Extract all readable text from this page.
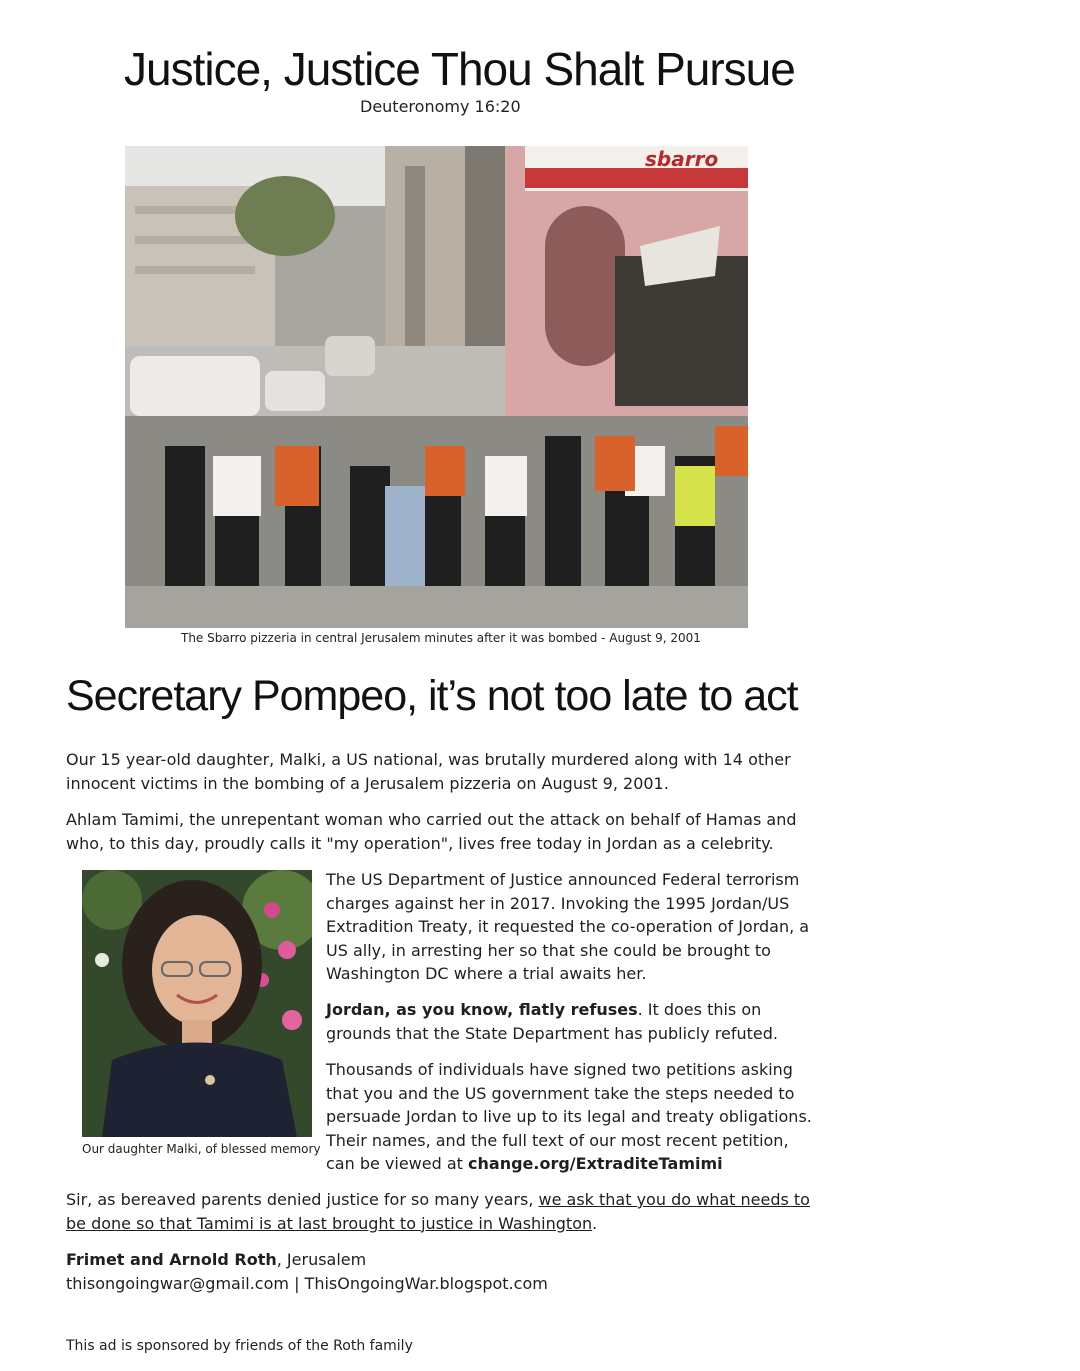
Justice, Justice Thou Shalt Pursue
Deuteronomy 16:20
sbarro
The Sbarro pizzeria in central Jerusalem minutes after it was bombed - August 9, 2001
Secretary Pompeo, it’s not too late to act
Our 15 year-old daughter, Malki, a US national, was brutally murdered along with 14 other innocent victims in the bombing of a Jerusalem pizzeria on August 9, 2001.
Ahlam Tamimi, the unrepentant woman who carried out the attack on behalf of Hamas and who, to this day, proudly calls it "my operation", lives free today in Jordan as a celebrity.
Our daughter Malki, of blessed memory
The US Department of Justice announced Federal terrorism charges against her in 2017. Invoking the 1995 Jordan/US Extradition Treaty, it requested the co-operation of Jordan, a US ally, in arresting her so that she could be brought to Washington DC where a trial awaits her.
Jordan, as you know, flatly refuses. It does this on grounds that the State Department has publicly refuted.
Thousands of individuals have signed two petitions asking that you and the US government take the steps needed to persuade Jordan to live up to its legal and treaty obligations. Their names, and the full text of our most recent petition, can be viewed at change.org/ExtraditeTamimi
Sir, as bereaved parents denied justice for so many years, we ask that you do what needs to be done so that Tamimi is at last brought to justice in Washington.
Frimet and Arnold Roth, Jerusalem
thisongoingwar@gmail.com | ThisOngoingWar.blogspot.com
This ad is sponsored by friends of the Roth family
